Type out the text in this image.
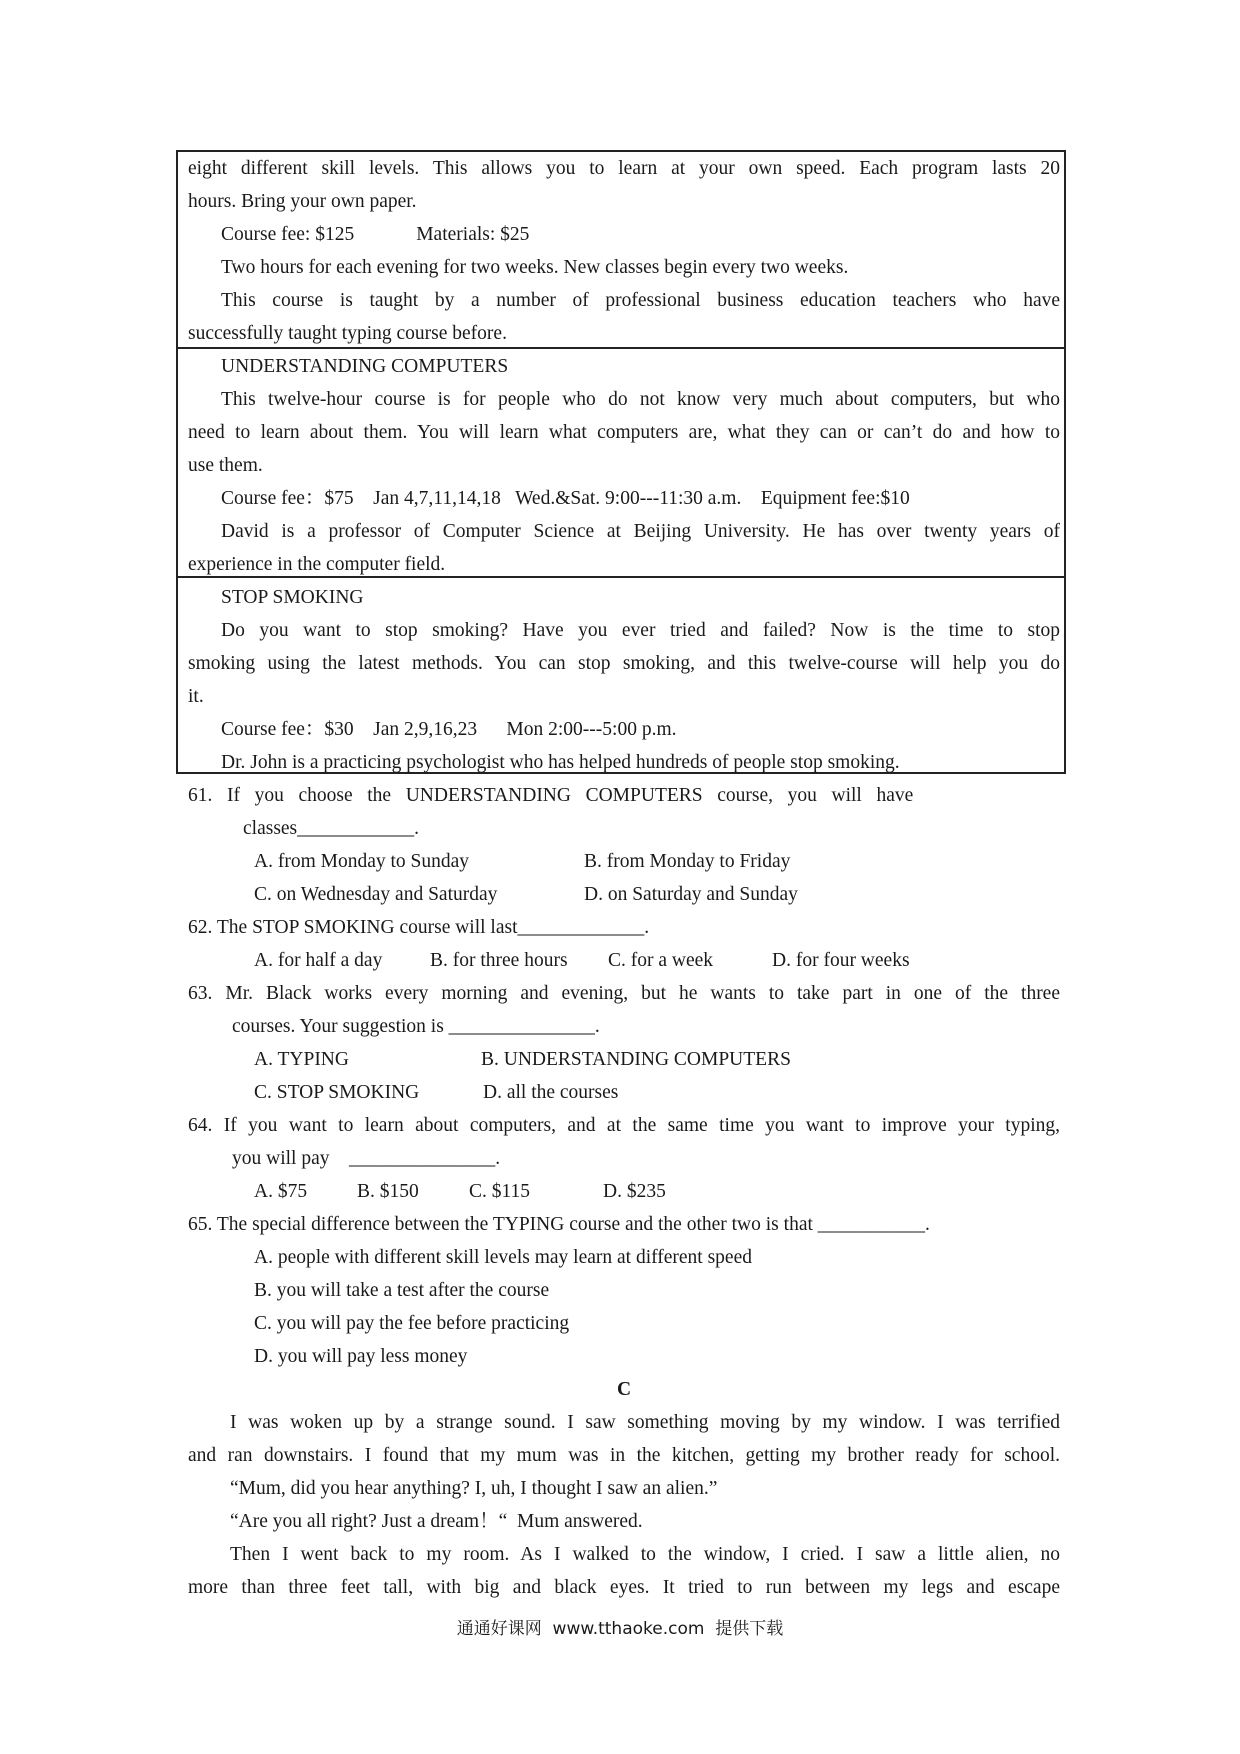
eight different skill levels. This allows you to learn at your own speed. Each program lasts 20
hours. Bring your own paper.
Course fee: $125	Materials: $25
Two hours for each evening for two weeks. New classes begin every two weeks.
This course is taught by a number of professional business education teachers who have
successfully taught typing course before.
UNDERSTANDING COMPUTERS
This twelve-hour course is for people who do not know very much about computers, but who
need to learn about them. You will learn what computers are, what they can or can’t do and how to
use them.
Course fee：$75    Jan 4,7,11,14,18   Wed.&Sat. 9:00---11:30 a.m.    Equipment fee:$10
David is a professor of Computer Science at Beijing University. He has over twenty years of
experience in the computer field.
STOP SMOKING
Do you want to stop smoking? Have you ever tried and failed? Now is the time to stop
smoking using the latest methods. You can stop smoking, and this twelve-course will help you do
it.
Course fee：$30    Jan 2,9,16,23      Mon 2:00---5:00 p.m.
Dr. John is a practicing psychologist who has helped hundreds of people stop smoking.
61.   If   you   choose   the   UNDERSTANDING   COMPUTERS   course,   you   will   have
classes____________.
A. from Monday to Sunday	B. from Monday to Friday
C. on Wednesday and Saturday	D. on Saturday and Sunday
62. The STOP SMOKING course will last_____________.
A. for half a day B. for three hours C. for a week	D. for four weeks
63. Mr. Black works every morning and evening, but he wants to take part in one of the three
courses. Your suggestion is _______________.
A. TYPING	B. UNDERSTANDING COMPUTERS
C. STOP SMOKING	D. all the courses
64. If you want to learn about computers, and at the same time you want to improve your typing,
you will pay    _______________.
A. $75	B. $150	C. $115	D. $235
65. The special difference between the TYPING course and the other two is that ___________.
A. people with different skill levels may learn at different speed
B. you will take a test after the course
C. you will pay the fee before practicing
D. you will pay less money
C
I was woken up by a strange sound. I saw something moving by my window. I was terrified
and ran downstairs. I found that my mum was in the kitchen, getting my brother ready for school.
“Mum, did you hear anything? I, uh, I thought I saw an alien.”
“Are you all right? Just a dream！“  Mum answered.
Then I went back to my room. As I walked to the window, I cried. I saw a little alien, no
more than three feet tall, with big and black eyes. It tried to run between my legs and escape
通通好课网  www.tthaoke.com  提供下载
